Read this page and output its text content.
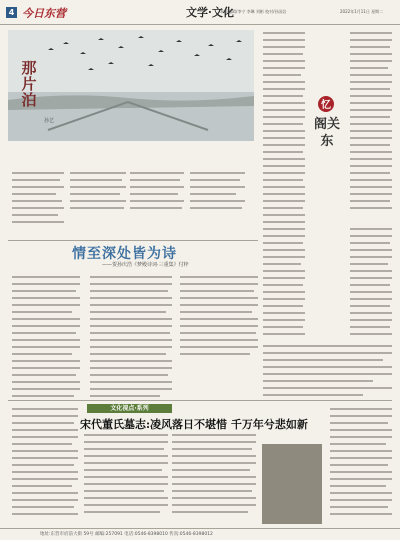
4 今日东营	文学·文化
本版编辑/李宁 李琳 刘彬 校对/孙国岩	2022年1月11日 星期二
那片泊
孙艺
忆
阁关东
情至深处皆为诗
——贺孙庆浩《梦殿诗词·三重集》付梓
文化视点·系列
宋代董氏墓志:凌风落日不堪惜 千万年兮悲如新
地址:东营市府前大街 59号 邮编:257091 电话:0546-8398010 传真:0546-8398012
